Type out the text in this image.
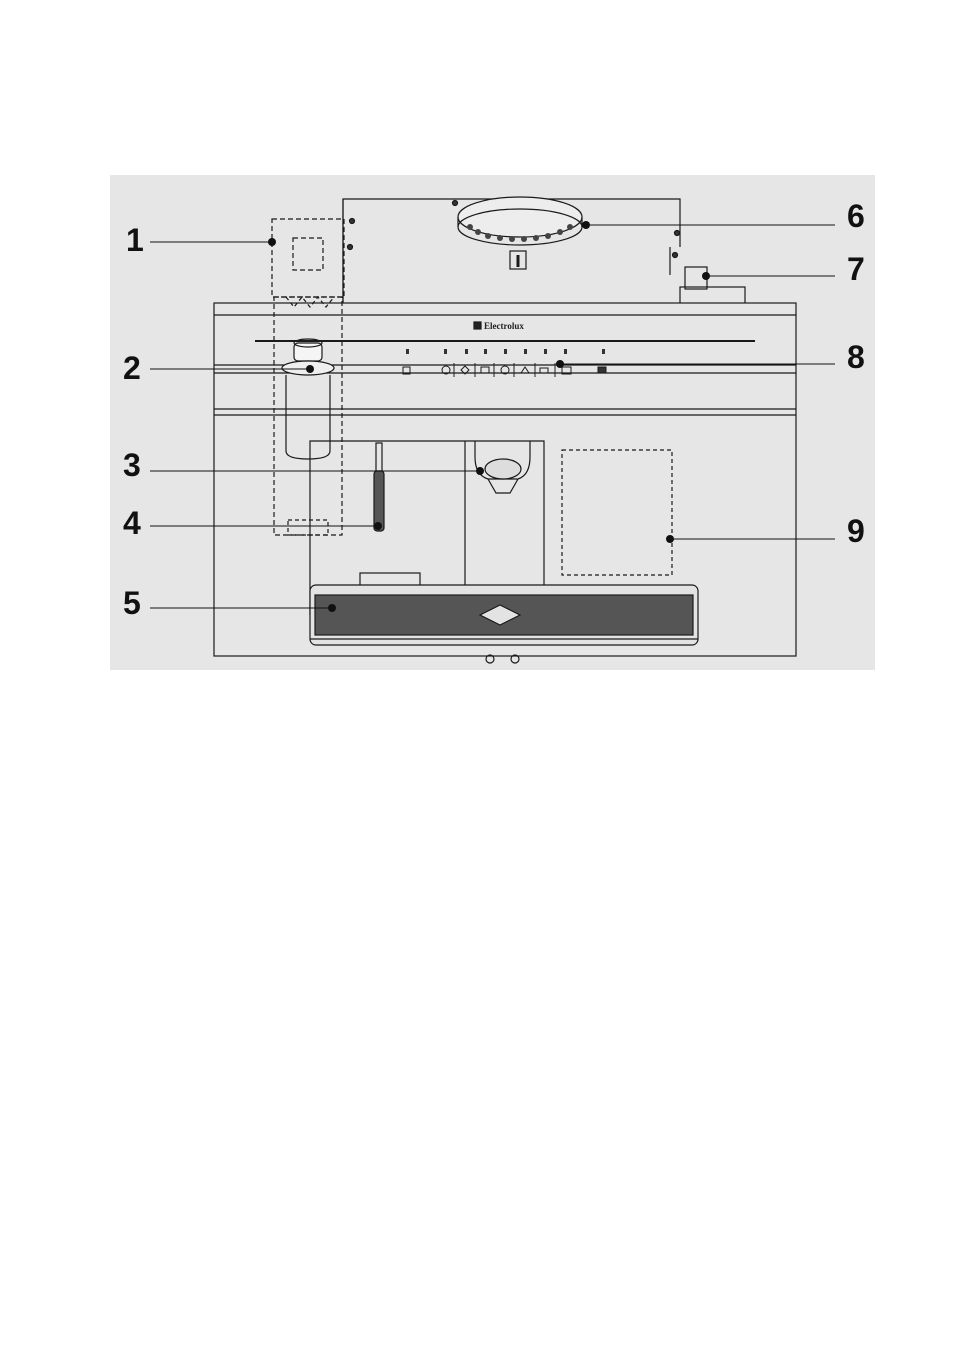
Electrolux
1
2
3
4
5
6
7
8
9
